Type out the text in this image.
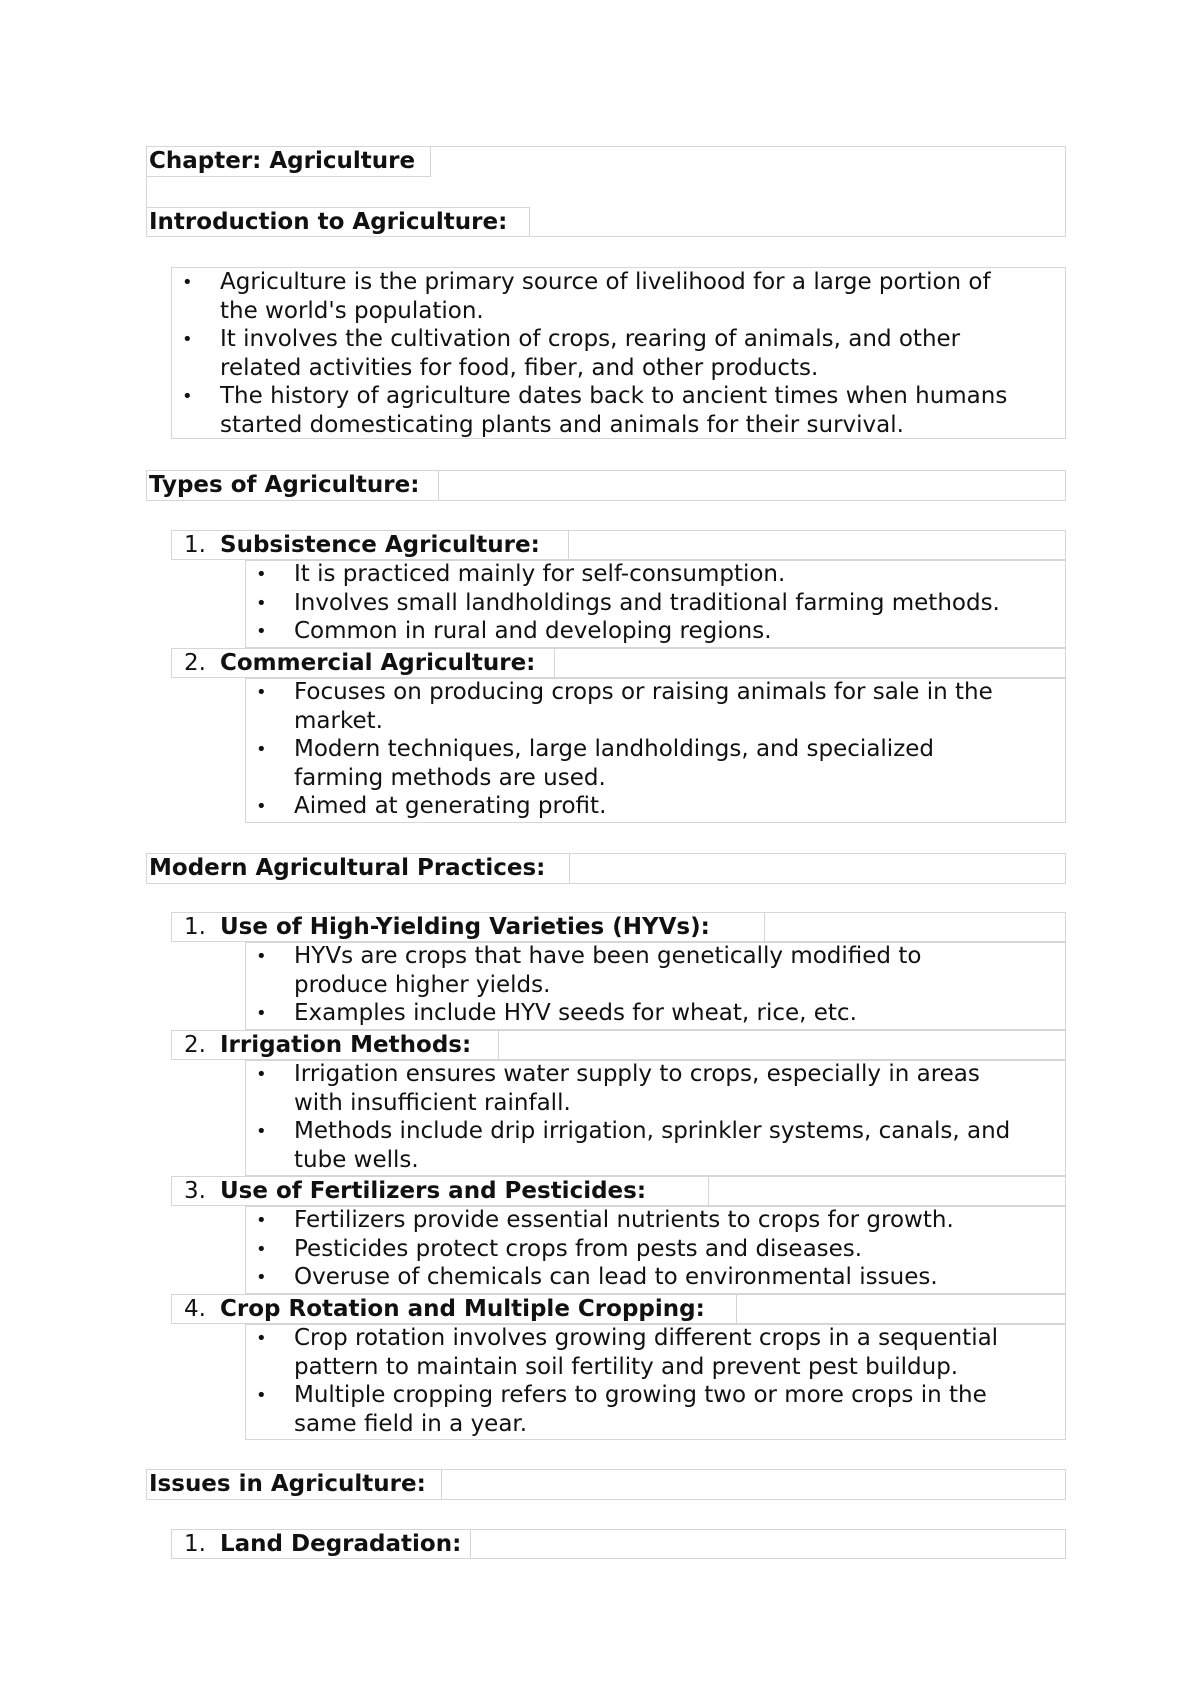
Chapter: Agriculture
Introduction to Agriculture:
Types of Agriculture:
Modern Agricultural Practices:
Issues in Agriculture:
• Agriculture is the primary source of livelihood for a large portion of
the world's population.
• It involves the cultivation of crops, rearing of animals, and other
related activities for food, fiber, and other products.
• The history of agriculture dates back to ancient times when humans
started domesticating plants and animals for their survival.
1. Subsistence Agriculture:
• It is practiced mainly for self-consumption.
• Involves small landholdings and traditional farming methods.
• Common in rural and developing regions.
2. Commercial Agriculture:
• Focuses on producing crops or raising animals for sale in the
market.
• Modern techniques, large landholdings, and specialized
farming methods are used.
• Aimed at generating profit.
1. Use of High-Yielding Varieties (HYVs):
• HYVs are crops that have been genetically modified to
produce higher yields.
• Examples include HYV seeds for wheat, rice, etc.
2. Irrigation Methods:
• Irrigation ensures water supply to crops, especially in areas
with insufficient rainfall.
• Methods include drip irrigation, sprinkler systems, canals, and
tube wells.
3. Use of Fertilizers and Pesticides:
• Fertilizers provide essential nutrients to crops for growth.
• Pesticides protect crops from pests and diseases.
• Overuse of chemicals can lead to environmental issues.
4. Crop Rotation and Multiple Cropping:
• Crop rotation involves growing different crops in a sequential
pattern to maintain soil fertility and prevent pest buildup.
• Multiple cropping refers to growing two or more crops in the
same field in a year.
1. Land Degradation:
